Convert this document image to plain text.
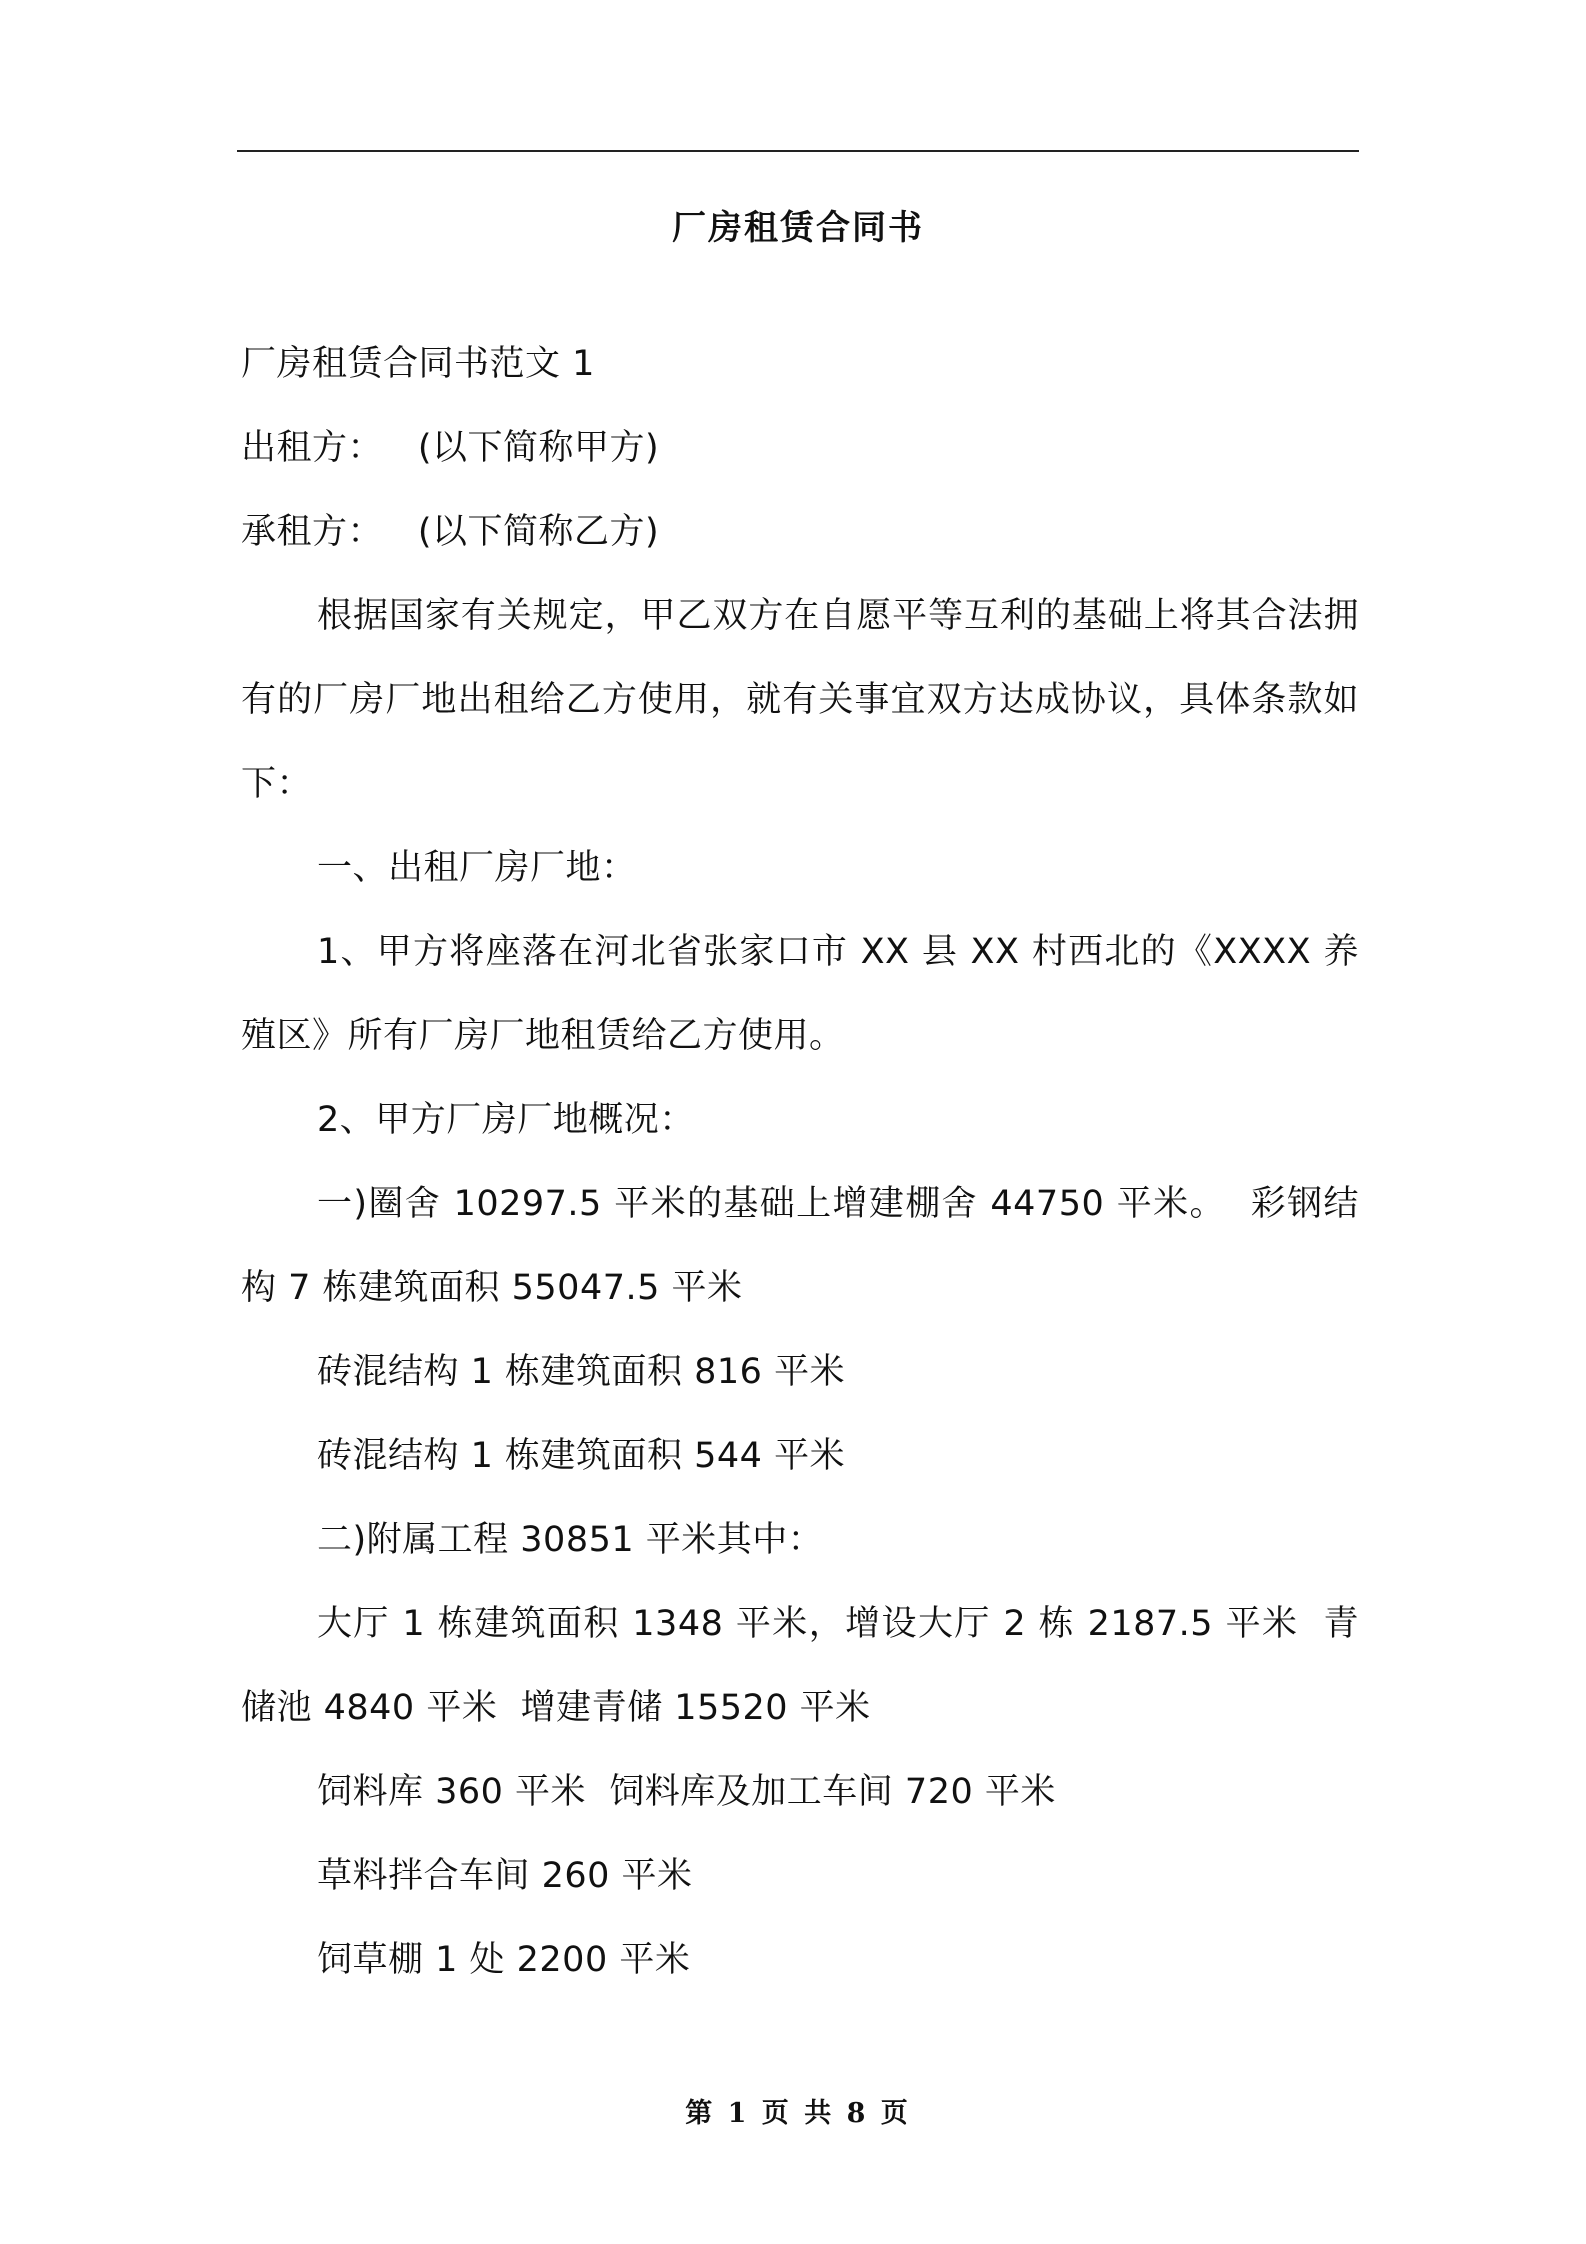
厂房租赁合同书

厂房租赁合同书范文 1

出租方：   (以下简称甲方)

承租方：   (以下简称乙方)

根据国家有关规定，甲乙双方在自愿平等互利的基础上将其合法拥有的厂房厂地出租给乙方使用，就有关事宜双方达成协议，具体条款如下：

一、出租厂房厂地：

1、甲方将座落在河北省张家口市 XX 县 XX 村西北的《XXXX 养殖区》所有厂房厂地租赁给乙方使用。

2、甲方厂房厂地概况：

一)圈舍 10297.5 平米的基础上增建棚舍 44750 平米。  彩钢结构 7 栋建筑面积 55047.5 平米

砖混结构 1 栋建筑面积 816 平米

砖混结构 1 栋建筑面积 544 平米

二)附属工程 30851 平米其中：

大厅 1 栋建筑面积 1348 平米，增设大厅 2 栋 2187.5 平米  青储池 4840 平米  增建青储 15520 平米

饲料库 360 平米  饲料库及加工车间 720 平米

草料拌合车间 260 平米

饲草棚 1 处 2200 平米

第 1 页 共 8 页
